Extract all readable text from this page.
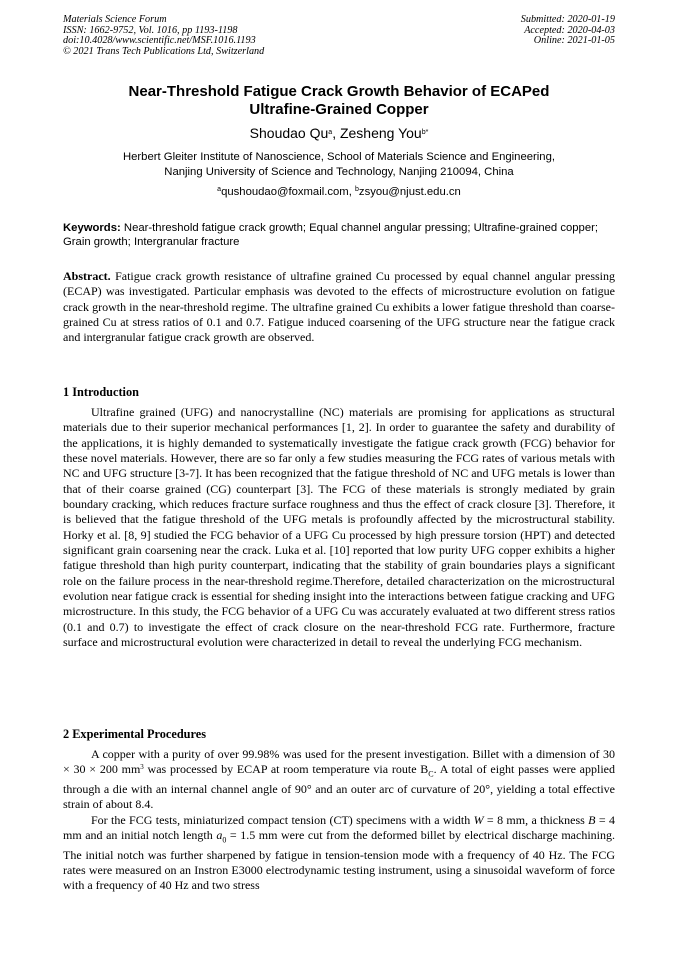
Materials Science Forum
ISSN: 1662-9752, Vol. 1016, pp 1193-1198
doi:10.4028/www.scientific.net/MSF.1016.1193
© 2021 Trans Tech Publications Ltd, Switzerland
Submitted: 2020-01-19
Accepted: 2020-04-03
Online: 2021-01-05
Near-Threshold Fatigue Crack Growth Behavior of ECAPed
Ultrafine-Grained Copper
Shoudao Qu$^a$, Zesheng You$^{b*}$
Herbert Gleiter Institute of Nanoscience, School of Materials Science and Engineering,
Nanjing University of Science and Technology, Nanjing 210094, China
$^a$qushoudao@foxmail.com, $^b$zsyou@njust.edu.cn
Keywords: Near-threshold fatigue crack growth; Equal channel angular pressing; Ultrafine-grained copper; Grain growth; Intergranular fracture
Abstract. Fatigue crack growth resistance of ultrafine grained Cu processed by equal channel angular pressing (ECAP) was investigated. Particular emphasis was devoted to the effects of microstructure evolution on fatigue crack growth in the near-threshold regime. The ultrafine grained Cu exhibits a lower fatigue threshold than coarse-grained Cu at stress ratios of 0.1 and 0.7. Fatigue induced coarsening of the UFG structure near the fatigue crack and intergranular fatigue crack growth are observed.
1 Introduction

Ultrafine grained (UFG) and nanocrystalline (NC) materials are promising for applications as structural materials due to their superior mechanical performances [1, 2]. In order to guarantee the safety and durability of the applications, it is highly demanded to systematically investigate the fatigue crack growth (FCG) behavior for these novel materials. However, there are so far only a few studies measuring the FCG rates of various metals with NC and UFG structure [3-7]. It has been recognized that the fatigue threshold of NC and UFG metals is lower than that of their coarse grained (CG) counterpart [3]. The FCG of these materials is strongly mediated by grain boundary cracking, which reduces fracture surface roughness and thus the effect of crack closure [3]. Therefore, it is believed that the fatigue threshold of the UFG metals is profoundly affected by the microstructural stability. Horky et al. [8, 9] studied the FCG behavior of a UFG Cu processed by high pressure torsion (HPT) and detected significant grain coarsening near the crack. Luka et al. [10] reported that low purity UFG copper exhibits a higher fatigue threshold than high purity counterpart, indicating that the stability of grain boundaries plays a significant role on the failure process in the near-threshold regime.Therefore, detailed characterization on the microstructural evolution near fatigue crack is essential for sheding insight into the interactions between fatigue cracking and UFG microstructure. In this study, the FCG behavior of a UFG Cu was accurately evaluated at two different stress ratios (0.1 and 0.7) to investigate the effect of crack closure on the near-threshold FCG rate. Furthermore, fracture surface and microstructural evolution were characterized in detail to reveal the underlying FCG mechanism.

2 Experimental Procedures

A copper with a purity of over 99.98% was used for the present investigation. Billet with a dimension of 30 × 30 × 200 $mm^3$ was processed by ECAP at room temperature via route $B_C$. A total of eight passes were applied through a die with an internal channel angle of 90° and an outer arc of curvature of 20°, yielding a total effective strain of about 8.4.

For the FCG tests, miniaturized compact tension (CT) specimens with a width W = 8 mm, a thickness B = 4 mm and an initial notch length $a_0 = 1.5$ mm were cut from the deformed billet by electrical discharge machining. The initial notch was further sharpened by fatigue in tension-tension mode with a frequency of 40 Hz. The FCG rates were measured on an Instron E3000 electrodynamic testing instrument, using a sinusoidal waveform of force with a frequency of 40 Hz and two stress
